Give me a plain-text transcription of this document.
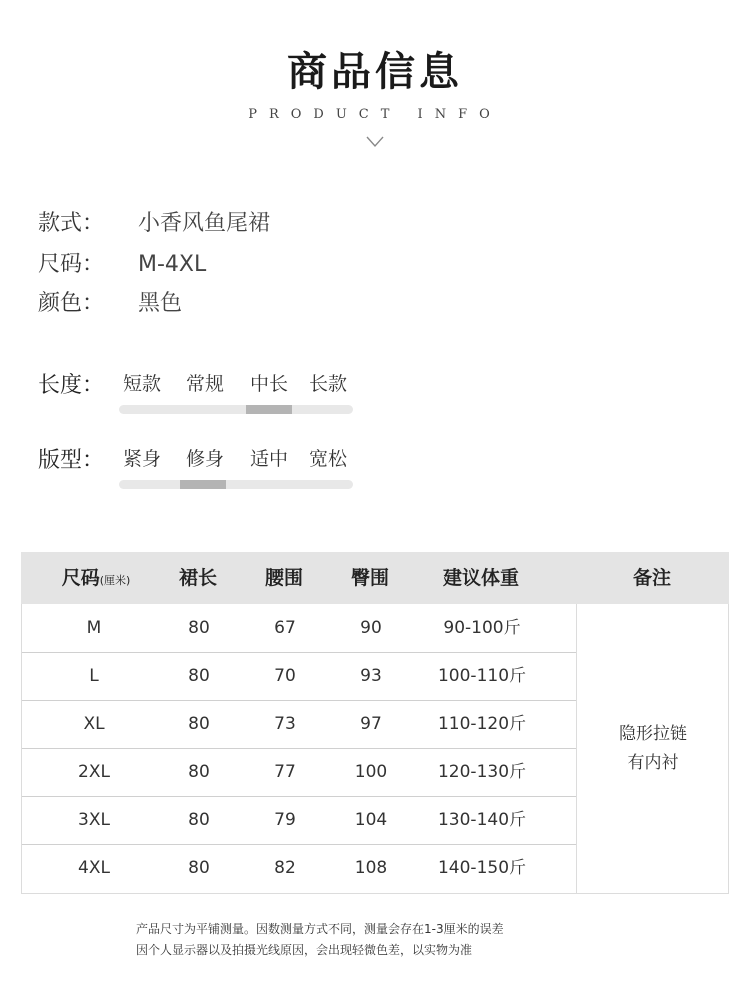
商品信息
PRODUCT INFO
款式： 小香风鱼尾裙
尺码： M-4XL
颜色： 黑色
长度： 短款 常规 中长 长款
版型： 紧身 修身 适中 宽松
尺码(厘米)	裙长	腰围	臀围	建议体重	备注
M	80	67	90	90-100斤
L	80	70	93	100-110斤
XL	80	73	97	110-120斤
2XL	80	77	100	120-130斤
3XL	80	79	104	130-140斤
4XL	80	82	108	140-150斤
隐形拉链
有内衬
产品尺寸为平铺测量。因数测量方式不同，测量会存在1-3厘米的误差
因个人显示器以及拍摄光线原因，会出现轻微色差，以实物为准
